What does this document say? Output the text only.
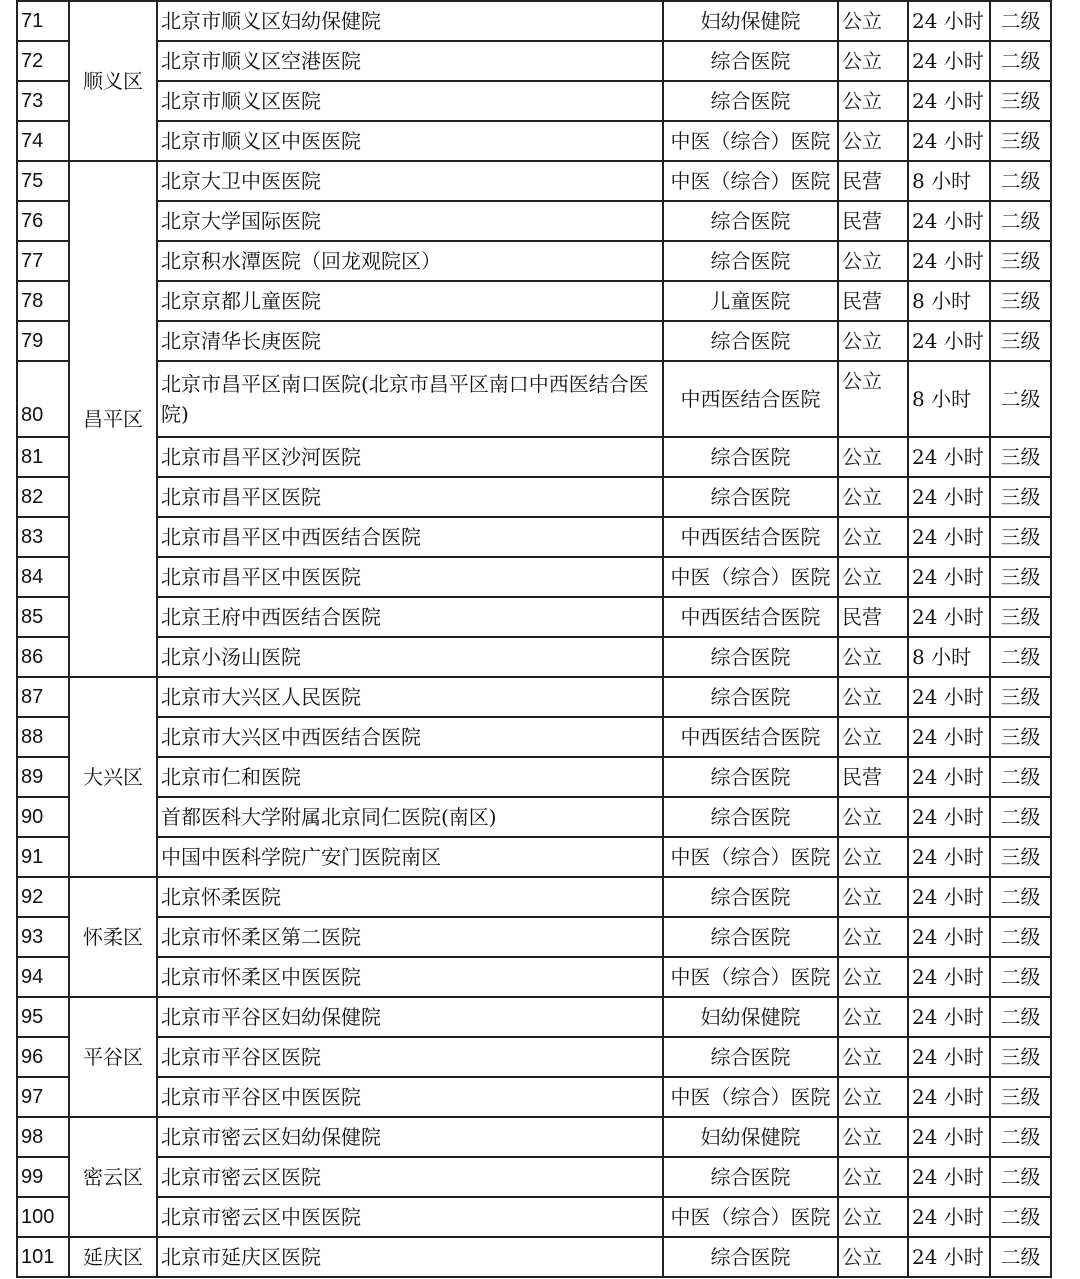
71	顺义区	北京市顺义区妇幼保健院	妇幼保健院	公立	24 小时	二级
72		北京市顺义区空港医院	综合医院	公立	24 小时	二级
73		北京市顺义区医院	综合医院	公立	24 小时	三级
74		北京市顺义区中医医院	中医（综合）医院	公立	24 小时	三级
75	昌平区	北京大卫中医医院	中医（综合）医院	民营	8 小时	二级
76		北京大学国际医院	综合医院	民营	24 小时	二级
77		北京积水潭医院（回龙观院区）	综合医院	公立	24 小时	三级
78		北京京都儿童医院	儿童医院	民营	8 小时	三级
79		北京清华长庚医院	综合医院	公立	24 小时	三级
80		北京市昌平区南口医院(北京市昌平区南口中西医结合医院)	中西医结合医院	公立	8 小时	二级
81		北京市昌平区沙河医院	综合医院	公立	24 小时	三级
82		北京市昌平区医院	综合医院	公立	24 小时	三级
83		北京市昌平区中西医结合医院	中西医结合医院	公立	24 小时	三级
84		北京市昌平区中医医院	中医（综合）医院	公立	24 小时	三级
85		北京王府中西医结合医院	中西医结合医院	民营	24 小时	三级
86		北京小汤山医院	综合医院	公立	8 小时	二级
87	大兴区	北京市大兴区人民医院	综合医院	公立	24 小时	三级
88		北京市大兴区中西医结合医院	中西医结合医院	公立	24 小时	三级
89		北京市仁和医院	综合医院	民营	24 小时	二级
90		首都医科大学附属北京同仁医院(南区)	综合医院	公立	24 小时	二级
91		中国中医科学院广安门医院南区	中医（综合）医院	公立	24 小时	三级
92	怀柔区	北京怀柔医院	综合医院	公立	24 小时	二级
93		北京市怀柔区第二医院	综合医院	公立	24 小时	二级
94		北京市怀柔区中医医院	中医（综合）医院	公立	24 小时	二级
95	平谷区	北京市平谷区妇幼保健院	妇幼保健院	公立	24 小时	二级
96		北京市平谷区医院	综合医院	公立	24 小时	三级
97		北京市平谷区中医医院	中医（综合）医院	公立	24 小时	三级
98	密云区	北京市密云区妇幼保健院	妇幼保健院	公立	24 小时	二级
99		北京市密云区医院	综合医院	公立	24 小时	二级
100		北京市密云区中医医院	中医（综合）医院	公立	24 小时	二级
101	延庆区	北京市延庆区医院	综合医院	公立	24 小时	二级
